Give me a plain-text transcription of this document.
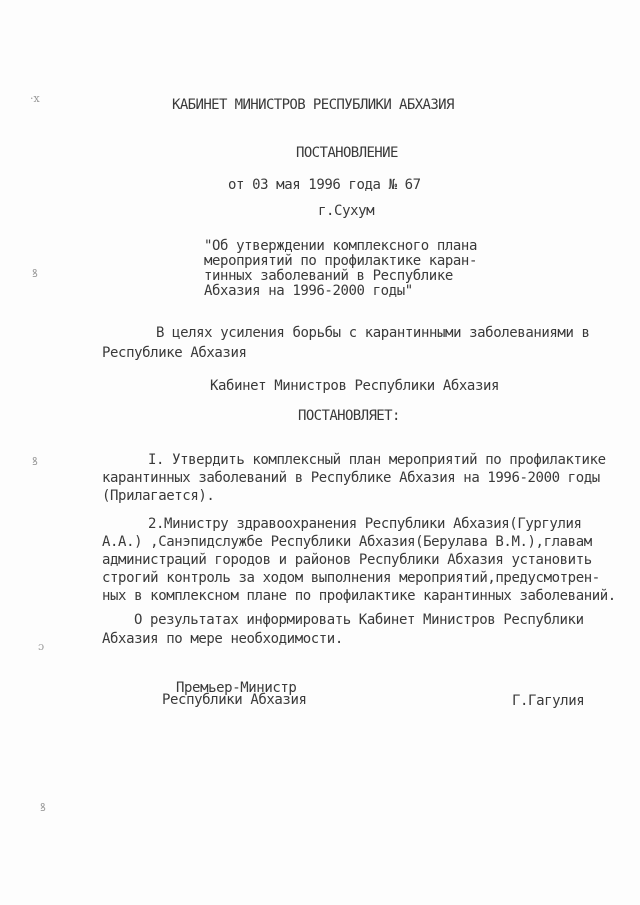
·ⅹ
ꝸ
ꝸ
ɔ
ꝸ
КАБИНЕТ МИНИСТРОВ РЕСПУБЛИКИ АБХАЗИЯ
ПОСТАНОВЛЕНИЕ
от 03 мая 1996 года № 67
г.Сухум
"Об утверждении комплексного плана
мероприятий по профилактике каран-
тинных заболеваний в Республике
Абхазия на 1996-2000 годы"
В целях усиления борьбы с карантинными заболеваниями в
Республике Абхазия
Кабинет Министров Республики Абхазия
ПОСТАНОВЛЯЕТ:
I. Утвердить комплексный план мероприятий по профилактике
карантинных заболеваний в Республике Абхазия на 1996-2000 годы
(Прилагается).
2.Министру здравоохранения Республики Абхазия(Гургулия
А.А.) ,Санэпидслужбе Республики Абхазия(Берулава В.М.),главам
администраций городов и районов Республики Абхазия установить
строгий контроль за ходом выполнения мероприятий,предусмотрен-
ных в комплексном плане по профилактике карантинных заболеваний.
О результатах информировать Кабинет Министров Республики
Абхазия по мере необходимости.
Премьер-Министр
Республики Абхазия	Г.Гагулия
